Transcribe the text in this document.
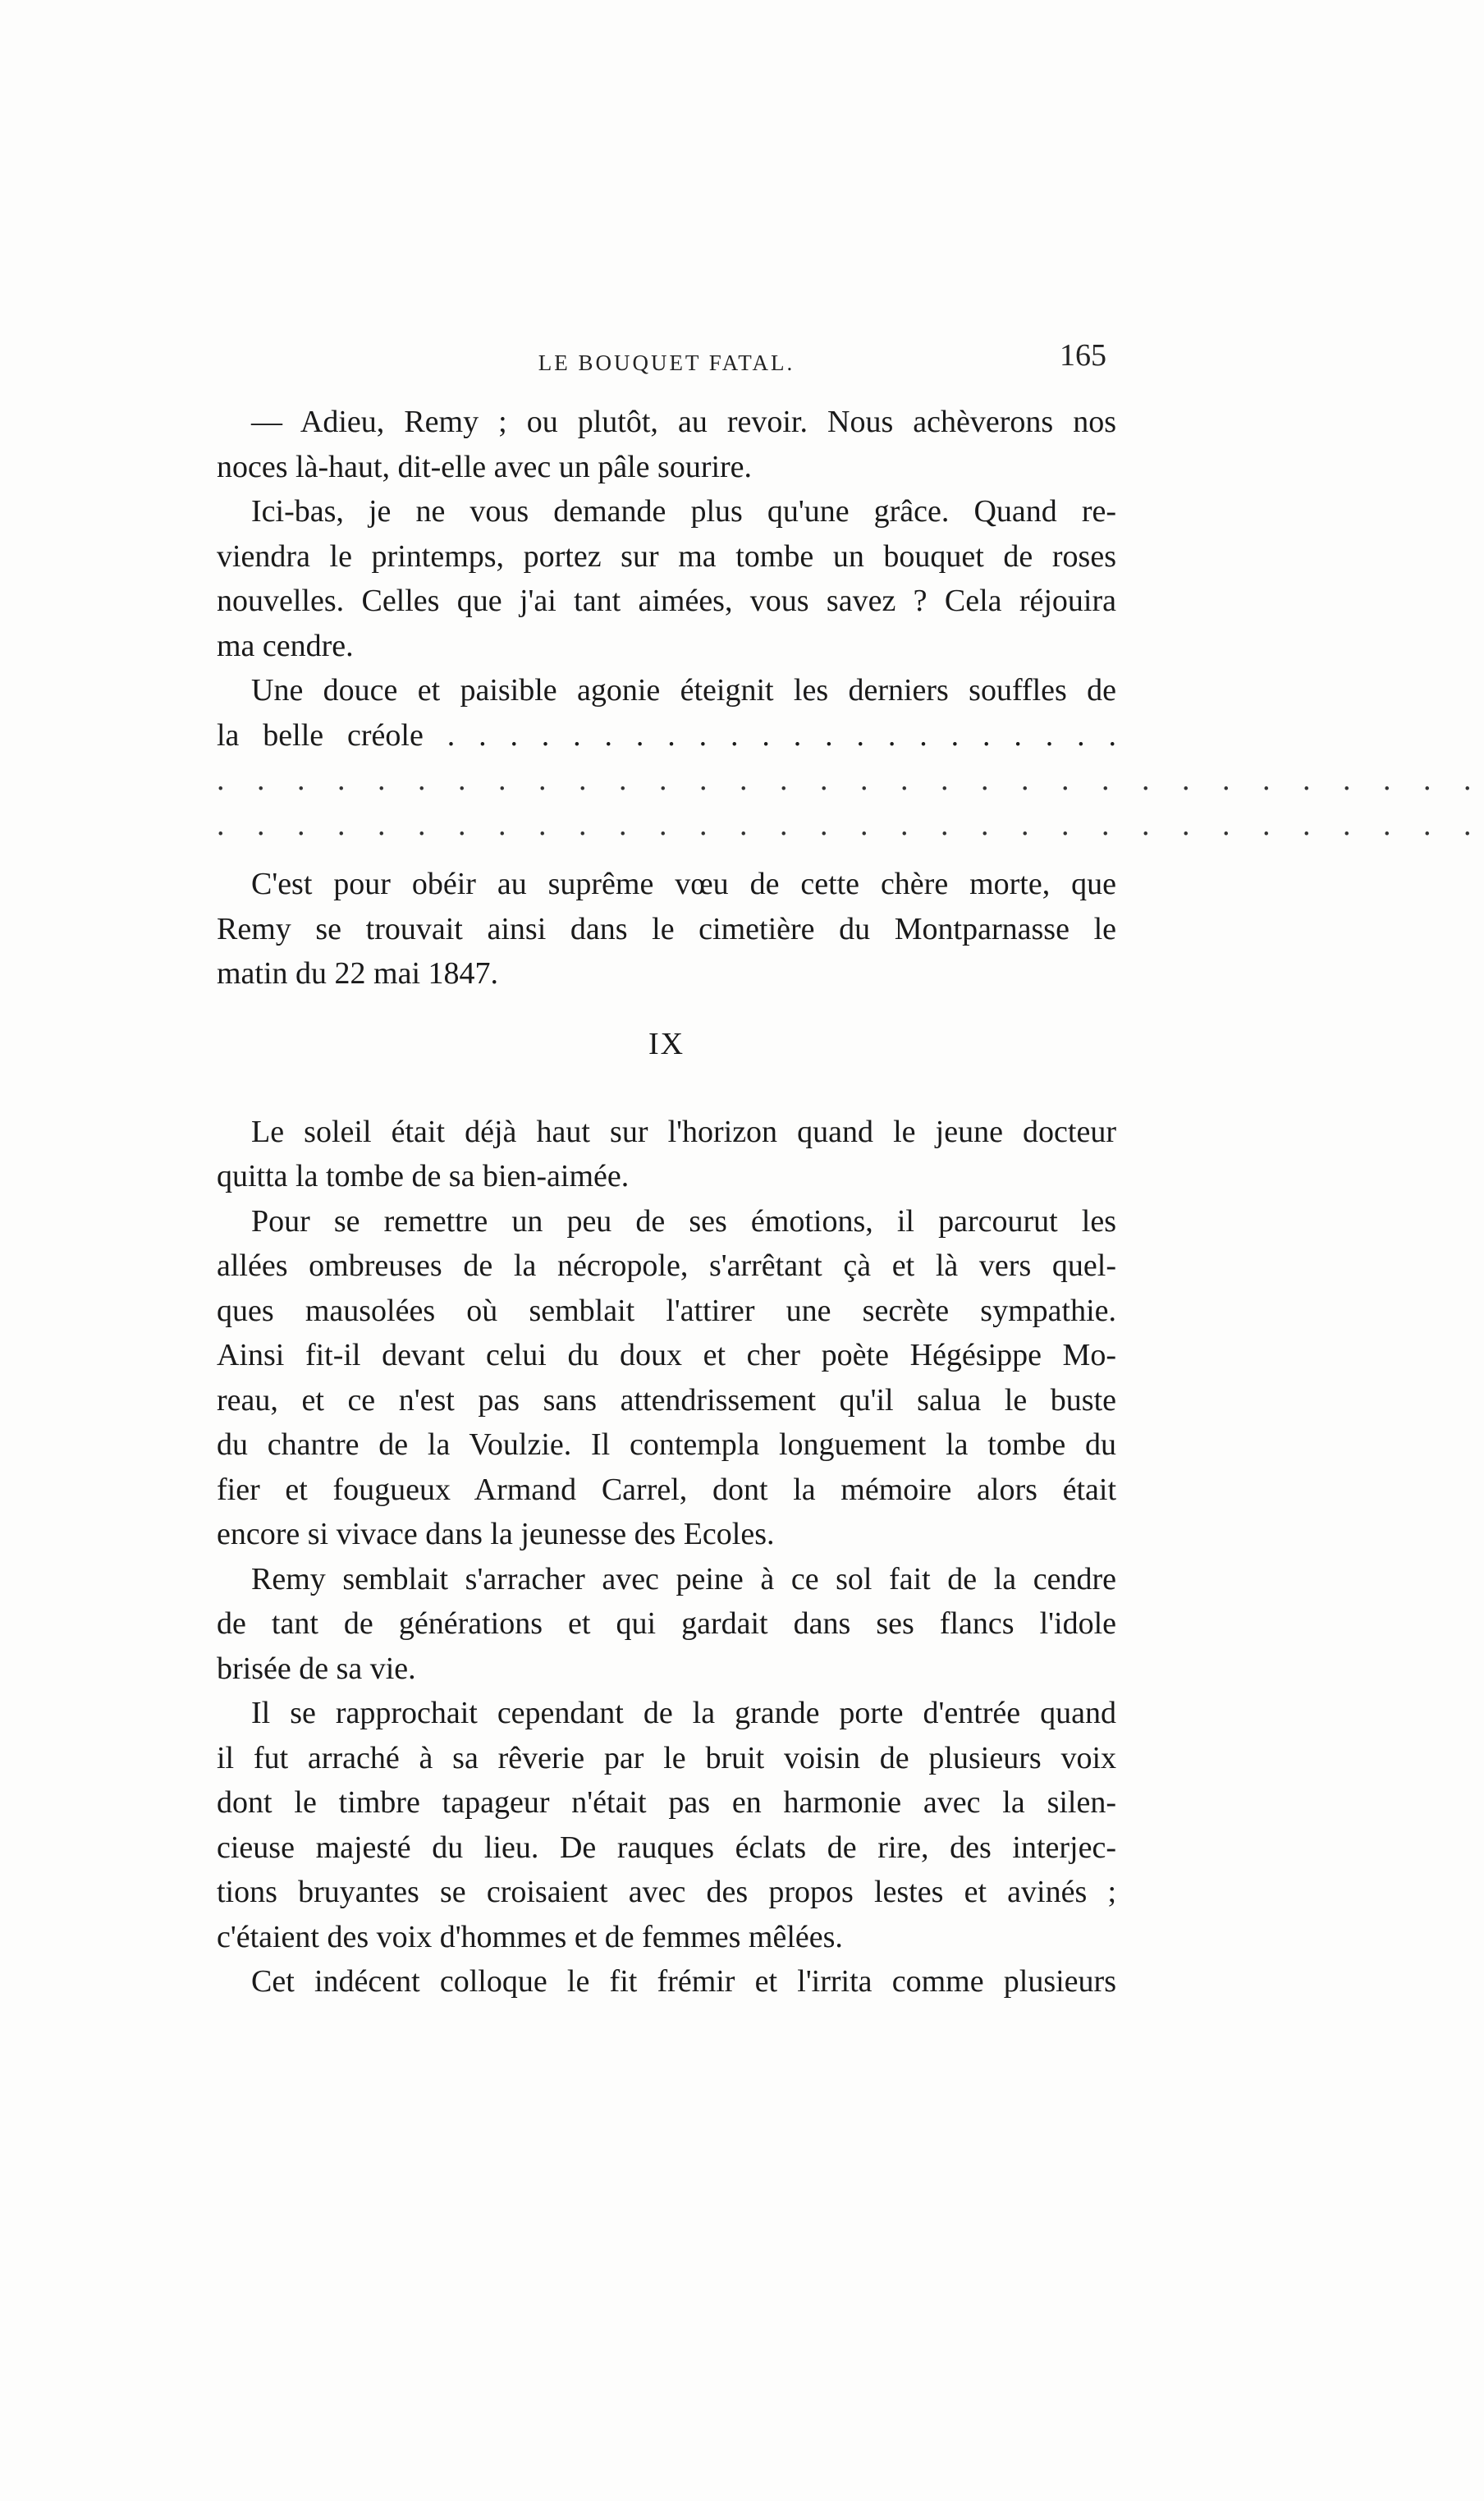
LE BOUQUET FATAL.	165
— Adieu, Remy ; ou plutôt, au revoir. Nous achèverons nos
noces là-haut, dit-elle avec un pâle sourire.
Ici-bas, je ne vous demande plus qu'une grâce. Quand re-
viendra le printemps, portez sur ma tombe un bouquet de roses
nouvelles. Celles que j'ai tant aimées, vous savez ? Cela réjouira
ma cendre.
Une douce et paisible agonie éteignit les derniers souffles de
la belle créole . . . . . . . . . . . . . . . . . . . . . .
. . . . . . . . . . . . . . . . . . . . . . . . . . . . . . . .
. . . . . . . . . . . . . . . . . . . . . . . . . . . . . . . .
C'est pour obéir au suprême vœu de cette chère morte, que
Remy se trouvait ainsi dans le cimetière du Montparnasse le
matin du 22 mai 1847.
IX
Le soleil était déjà haut sur l'horizon quand le jeune docteur
quitta la tombe de sa bien-aimée.
Pour se remettre un peu de ses émotions, il parcourut les
allées ombreuses de la nécropole, s'arrêtant çà et là vers quel-
ques mausolées où semblait l'attirer une secrète sympathie.
Ainsi fit-il devant celui du doux et cher poète Hégésippe Mo-
reau, et ce n'est pas sans attendrissement qu'il salua le buste
du chantre de la Voulzie. Il contempla longuement la tombe du
fier et fougueux Armand Carrel, dont la mémoire alors était
encore si vivace dans la jeunesse des Ecoles.
Remy semblait s'arracher avec peine à ce sol fait de la cendre
de tant de générations et qui gardait dans ses flancs l'idole
brisée de sa vie.
Il se rapprochait cependant de la grande porte d'entrée quand
il fut arraché à sa rêverie par le bruit voisin de plusieurs voix
dont le timbre tapageur n'était pas en harmonie avec la silen-
cieuse majesté du lieu. De rauques éclats de rire, des interjec-
tions bruyantes se croisaient avec des propos lestes et avinés ;
c'étaient des voix d'hommes et de femmes mêlées.
Cet indécent colloque le fit frémir et l'irrita comme plusieurs
